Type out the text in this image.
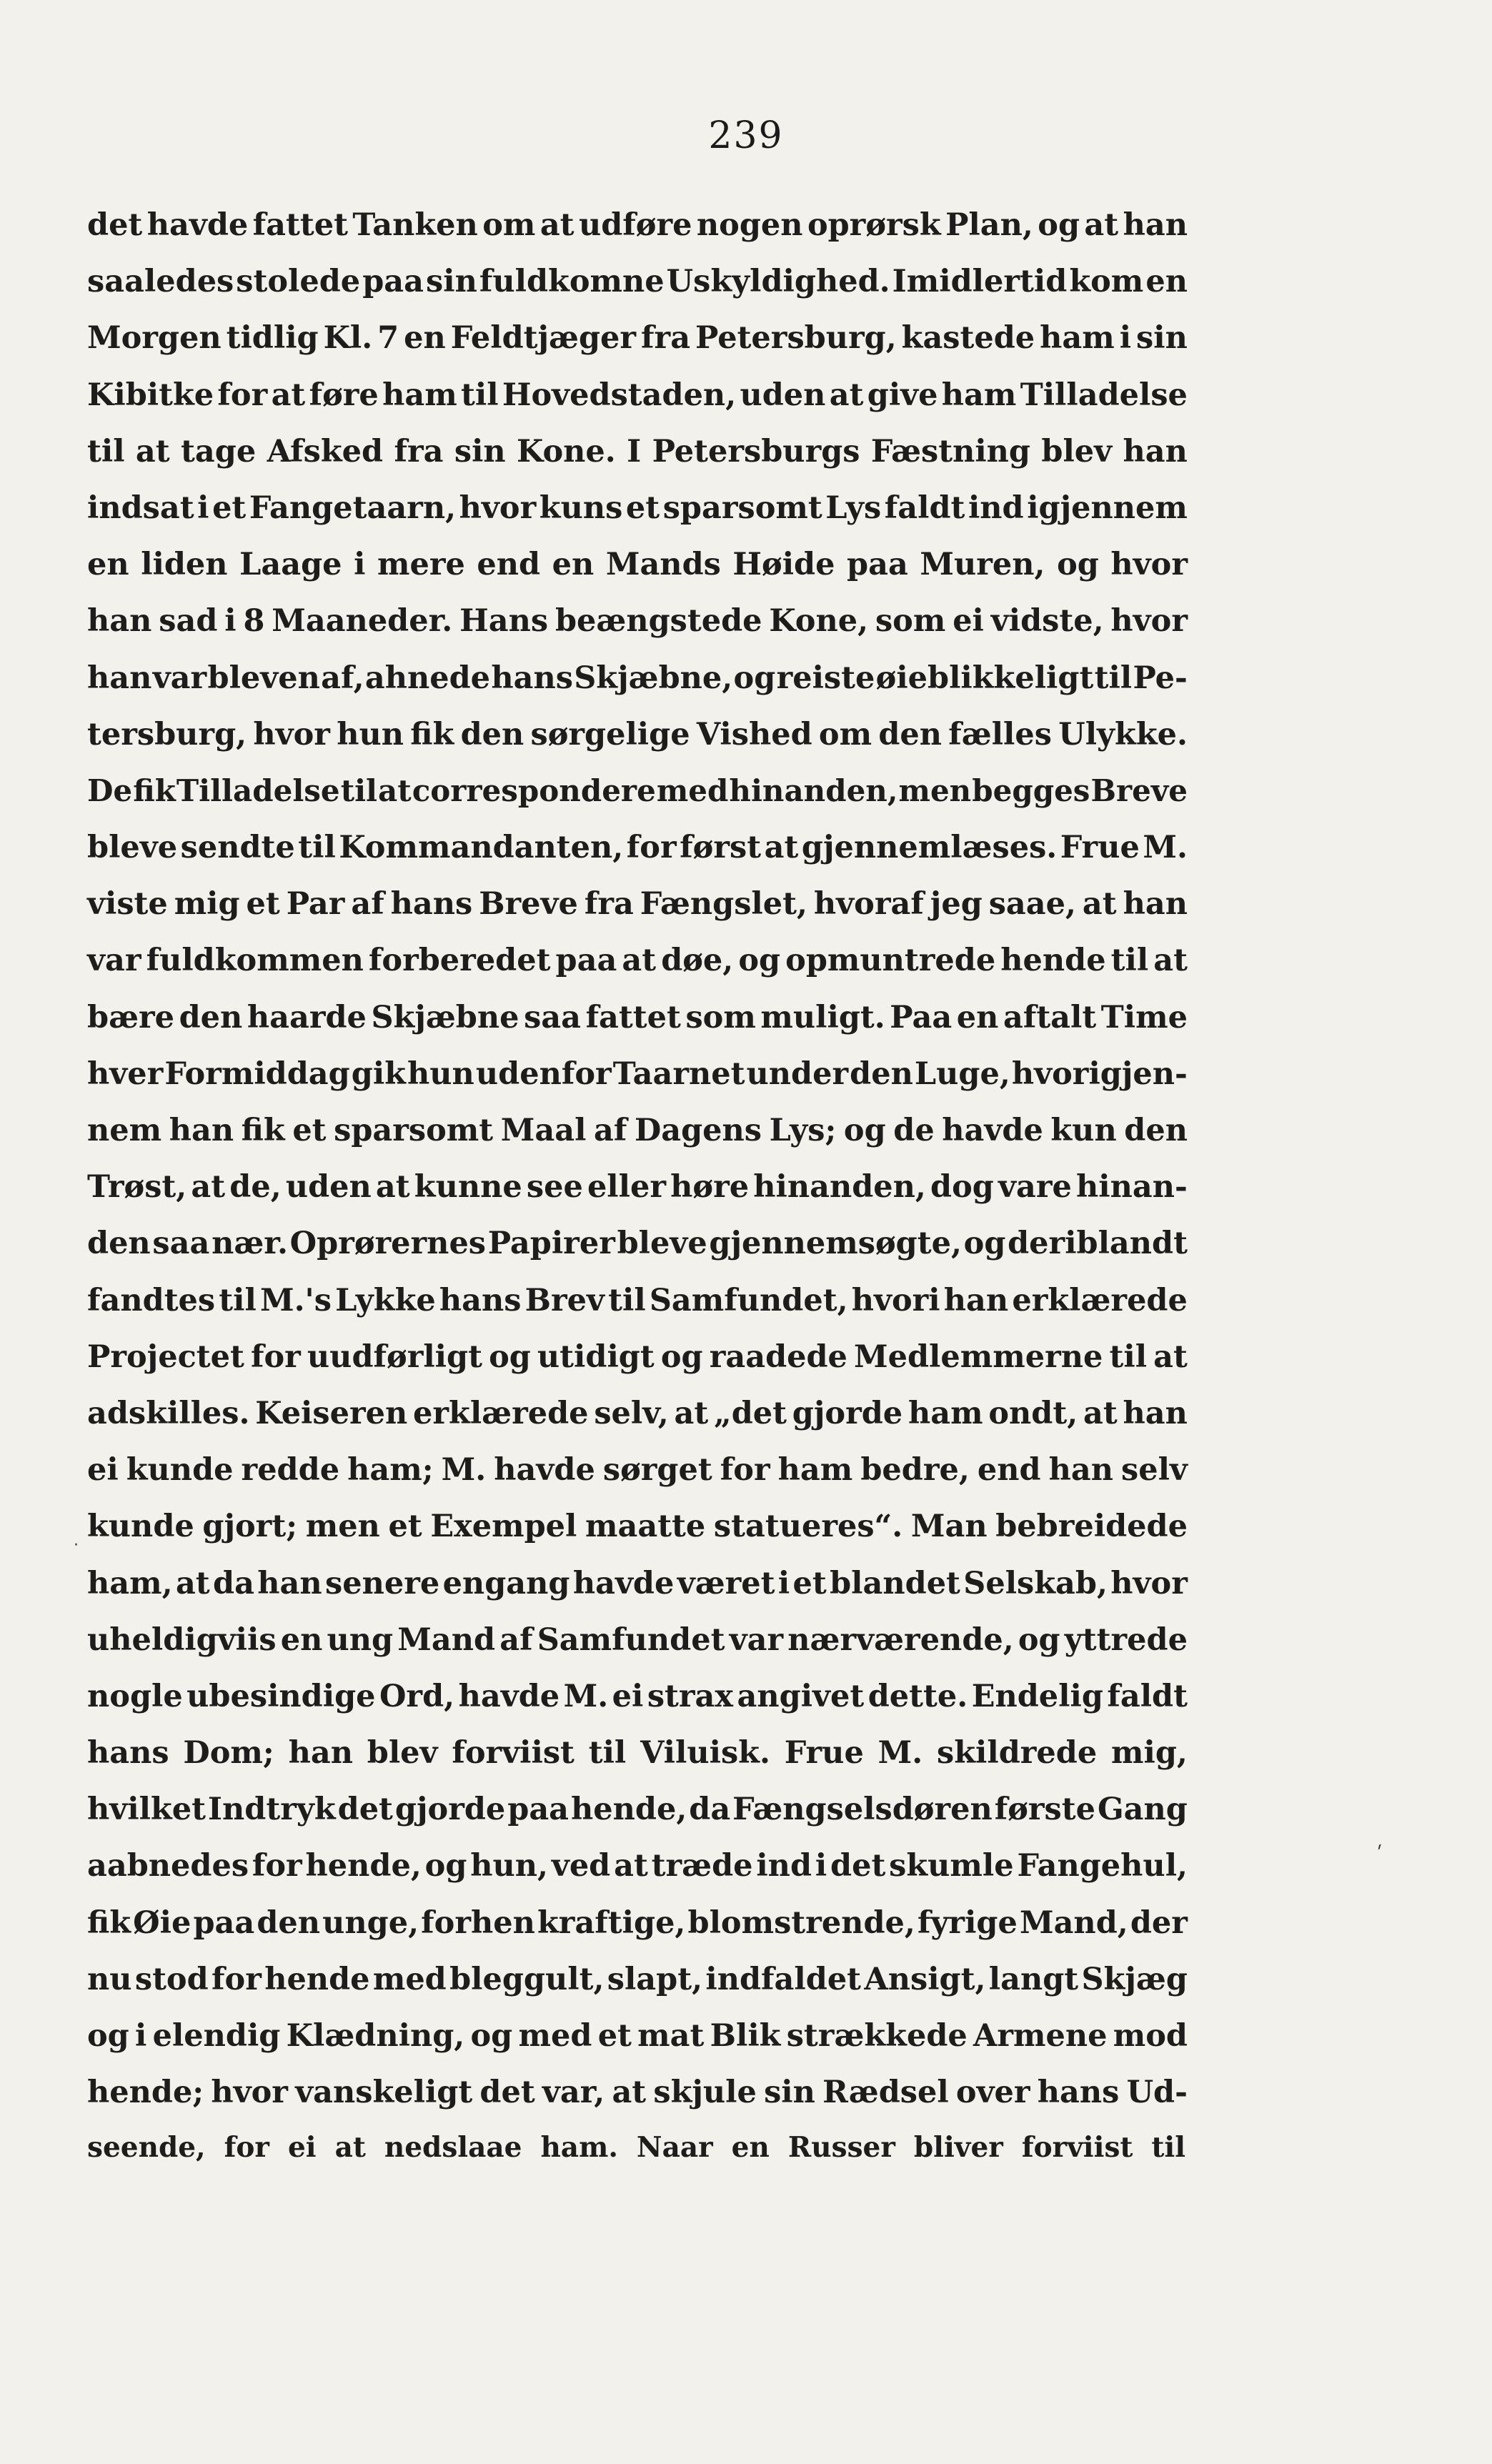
239
det havde fattet Tanken om at udføre nogen oprørsk Plan, og at han
saaledes stolede paa sin fuldkomne Uskyldighed. Imidlertid kom en
Morgen tidlig Kl. 7 en Feldtjæger fra Petersburg, kastede ham i sin
Kibitke for at føre ham til Hovedstaden, uden at give ham Tilladelse
til at tage Afsked fra sin Kone. I Petersburgs Fæstning blev han
indsat i et Fangetaarn, hvor kuns et sparsomt Lys faldt ind igjennem
en liden Laage i mere end en Mands Høide paa Muren, og hvor
han sad i 8 Maaneder. Hans beængstede Kone, som ei vidste, hvor
han var bleven af, ahnede hans Skjæbne, og reiste øieblikkeligt til Pe-
tersburg, hvor hun fik den sørgelige Vished om den fælles Ulykke.
De fik Tilladelse til at correspondere med hinanden, men begges Breve
bleve sendte til Kommandanten, for først at gjennemlæses. Frue M.
viste mig et Par af hans Breve fra Fængslet, hvoraf jeg saae, at han
var fuldkommen forberedet paa at døe, og opmuntrede hende til at
bære den haarde Skjæbne saa fattet som muligt. Paa en aftalt Time
hver Formiddag gik hun udenfor Taarnet under den Luge, hvorigjen-
nem han fik et sparsomt Maal af Dagens Lys; og de havde kun den
Trøst, at de, uden at kunne see eller høre hinanden, dog vare hinan-
den saa nær. Oprørernes Papirer bleve gjennemsøgte, og deriblandt
fandtes til M.'s Lykke hans Brev til Samfundet, hvori han erklærede
Projectet for uudførligt og utidigt og raadede Medlemmerne til at
adskilles. Keiseren erklærede selv, at „det gjorde ham ondt, at han
ei kunde redde ham; M. havde sørget for ham bedre, end han selv
kunde gjort; men et Exempel maatte statueres“. Man bebreidede
ham, at da han senere engang havde været i et blandet Selskab, hvor
uheldigviis en ung Mand af Samfundet var nærværende, og yttrede
nogle ubesindige Ord, havde M. ei strax angivet dette. Endelig faldt
hans Dom; han blev forviist til Viluisk. Frue M. skildrede mig,
hvilket Indtryk det gjorde paa hende, da Fængselsdøren første Gang
aabnedes for hende, og hun, ved at træde ind i det skumle Fangehul,
fik Øie paa den unge, forhen kraftige, blomstrende, fyrige Mand, der
nu stod for hende med bleggult, slapt, indfaldet Ansigt, langt Skjæg
og i elendig Klædning, og med et mat Blik strækkede Armene mod
hende; hvor vanskeligt det var, at skjule sin Rædsel over hans Ud-
seende, for ei at nedslaae ham. Naar en Russer bliver forviist til
·
ˏ
